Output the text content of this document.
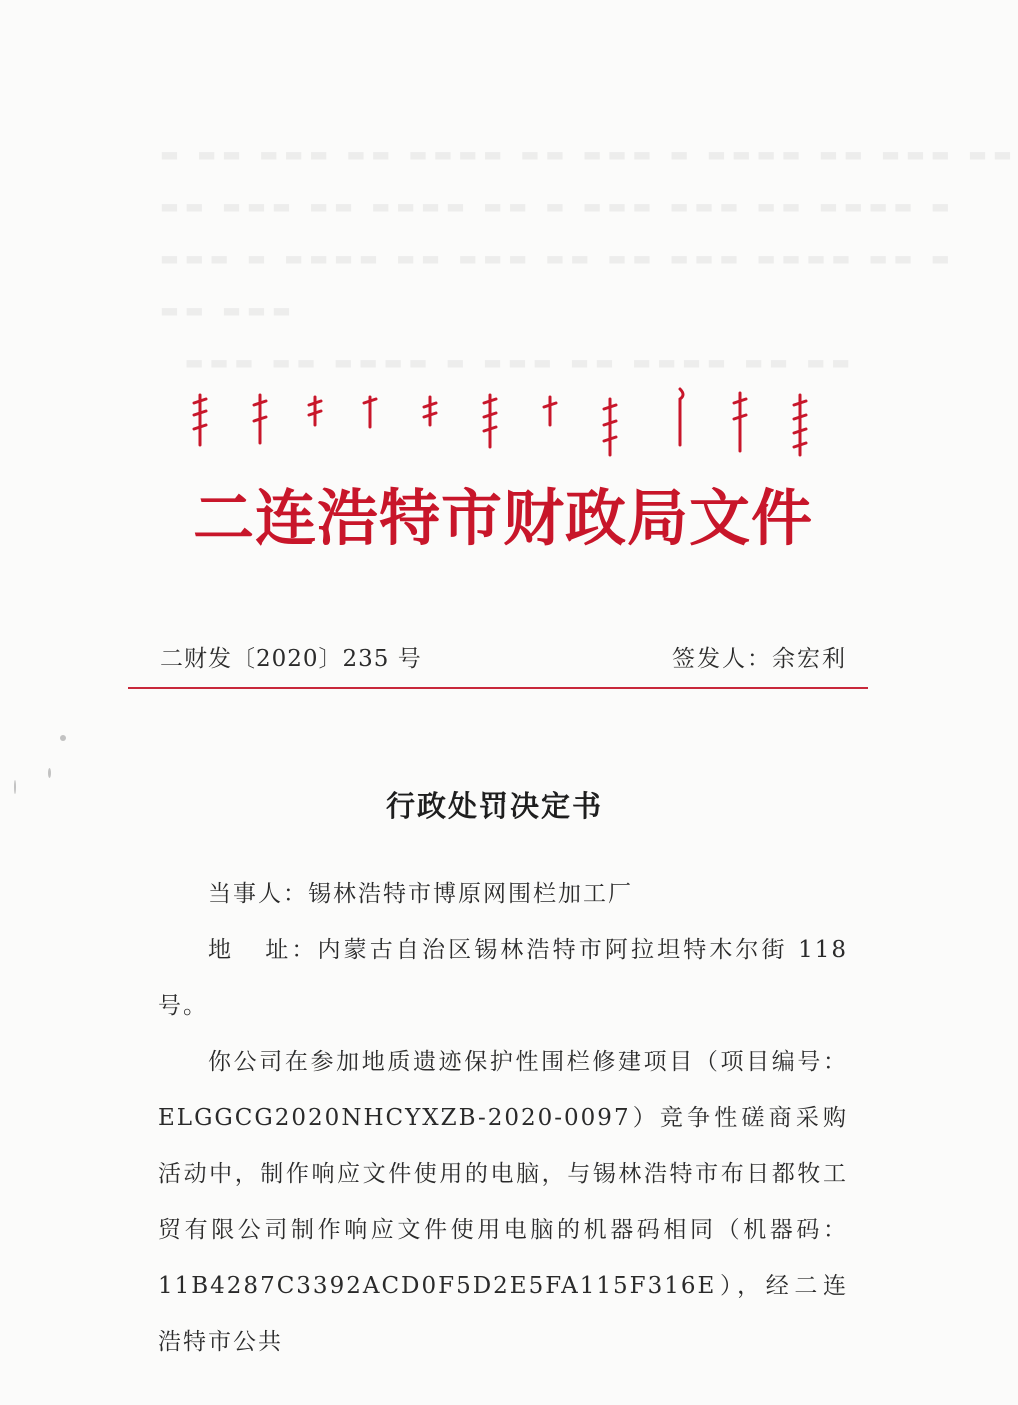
▬ ▬▬ ▬▬▬ ▬▬ ▬▬▬▬ ▬▬ ▬▬▬ ▬ ▬▬▬▬ ▬▬ ▬▬▬ ▬▬
▬▬ ▬▬▬ ▬▬ ▬▬▬▬ ▬▬ ▬ ▬▬▬ ▬▬▬ ▬▬ ▬▬▬▬ ▬
▬▬▬ ▬ ▬▬▬▬ ▬▬ ▬▬▬ ▬▬ ▬▬ ▬▬▬ ▬▬▬▬ ▬▬ ▬
▬▬ ▬▬▬
▬▬▬ ▬▬ ▬▬▬▬ ▬ ▬▬▬ ▬▬ ▬▬▬▬ ▬▬ ▬▬
二连浩特市财政局文件
二财发〔2020〕235 号	签发人：余宏利
行政处罚决定书

当事人：锡林浩特市博原网围栏加工厂

地 址：内蒙古自治区锡林浩特市阿拉坦特木尔街 118 号。

你公司在参加地质遗迹保护性围栏修建项目（项目编号：ELGGCG2020NHCYXZB-2020-0097）竞争性磋商采购活动中，制作响应文件使用的电脑，与锡林浩特市布日都牧工贸有限公司制作响应文件使用电脑的机器码相同（机器码：11B4287C3392ACD0F5D2E5FA115F316E），经二连浩特市公共
